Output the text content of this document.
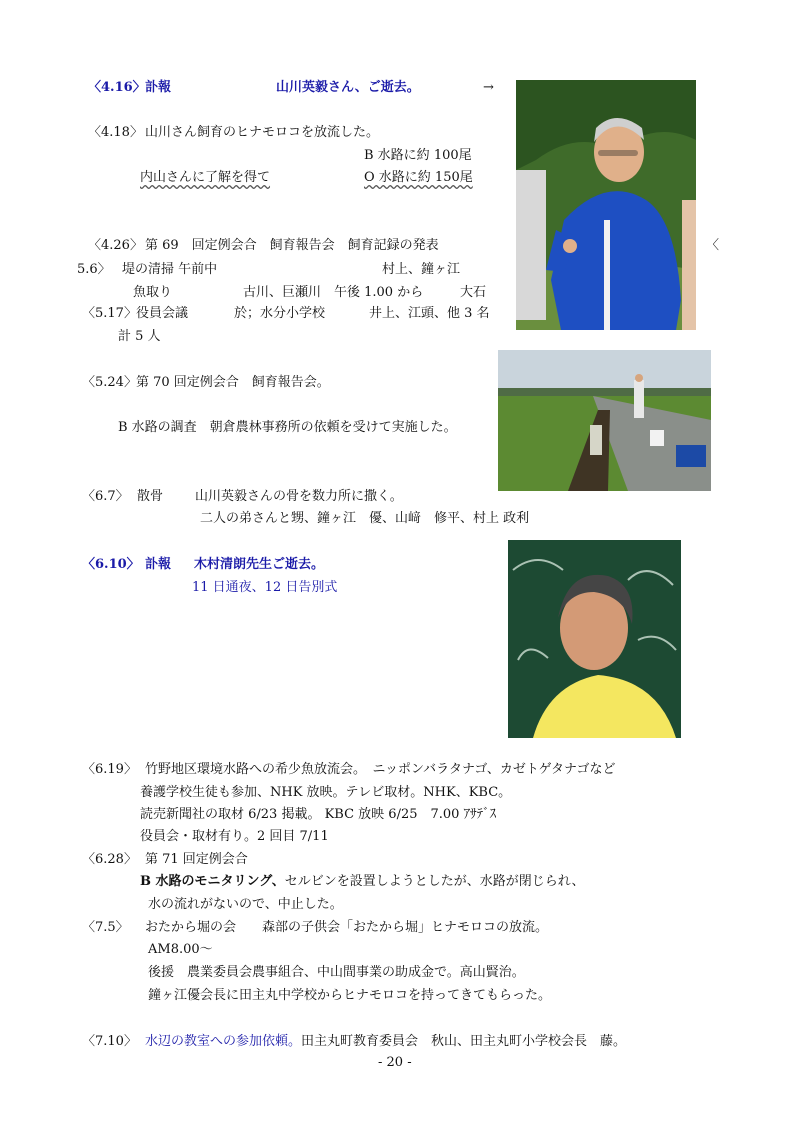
〈4.16〉 訃報	山川英毅さん、ご逝去。	→
〈4.18〉 山川さん飼育のヒナモロコを放流した。
B 水路に約 100尾
内山さんに了解を得て	O 水路に約 150尾
〈4.26〉 第 69　回定例会合　飼育報告会　飼育記録の発表	〈
5.6〉 堤の清掃 午前中	村上、鐘ヶ江
魚取り	古川、巨瀬川　午後 1.00 から	大石
〈5.17〉 役員会議	於；水分小学校	井上、江頭、他 3 名
計 5 人
〈5.24〉 第 70 回定例会合　飼育報告会。
B 水路の調査　朝倉農林事務所の依頼を受けて実施した。
〈6.7〉 散骨 山川英毅さんの骨を数力所に撒く。
二人の弟さんと甥、鐘ヶ江　優、山﨑　修平、村上 政利
〈6.10〉 訃報 木村清朗先生ご逝去。
11 日通夜、12 日告別式
〈6.19〉 竹野地区環境水路への希少魚放流会。　ニッポンバラタナゴ、カゼトゲタナゴなど
養護学校生徒も参加、NHK 放映。テレビ取材。NHK、KBC。
読売新聞社の取材 6/23 掲載。 KBC 放映 6/25　7.00 ｱｻﾃﾞｽ
役員会・取材有り。2 回目 7/11
〈6.28〉 第 71 回定例会合
B 水路のモニタリング、セルビンを設置しようとしたが、水路が閉じられ、
水の流れがないので、中止した。
〈7.5〉 おたから堀の会　　森部の子供会「おたから堀」ヒナモロコの放流。
AM8.00～
後援　農業委員会農事組合、中山間事業の助成金で。高山賢治。
鐘ヶ江優会長に田主丸中学校からヒナモロコを持ってきてもらった。
〈7.10〉 水辺の教室への参加依頼。田主丸町教育委員会　秋山、田主丸町小学校会長　藤。
- 20 -
